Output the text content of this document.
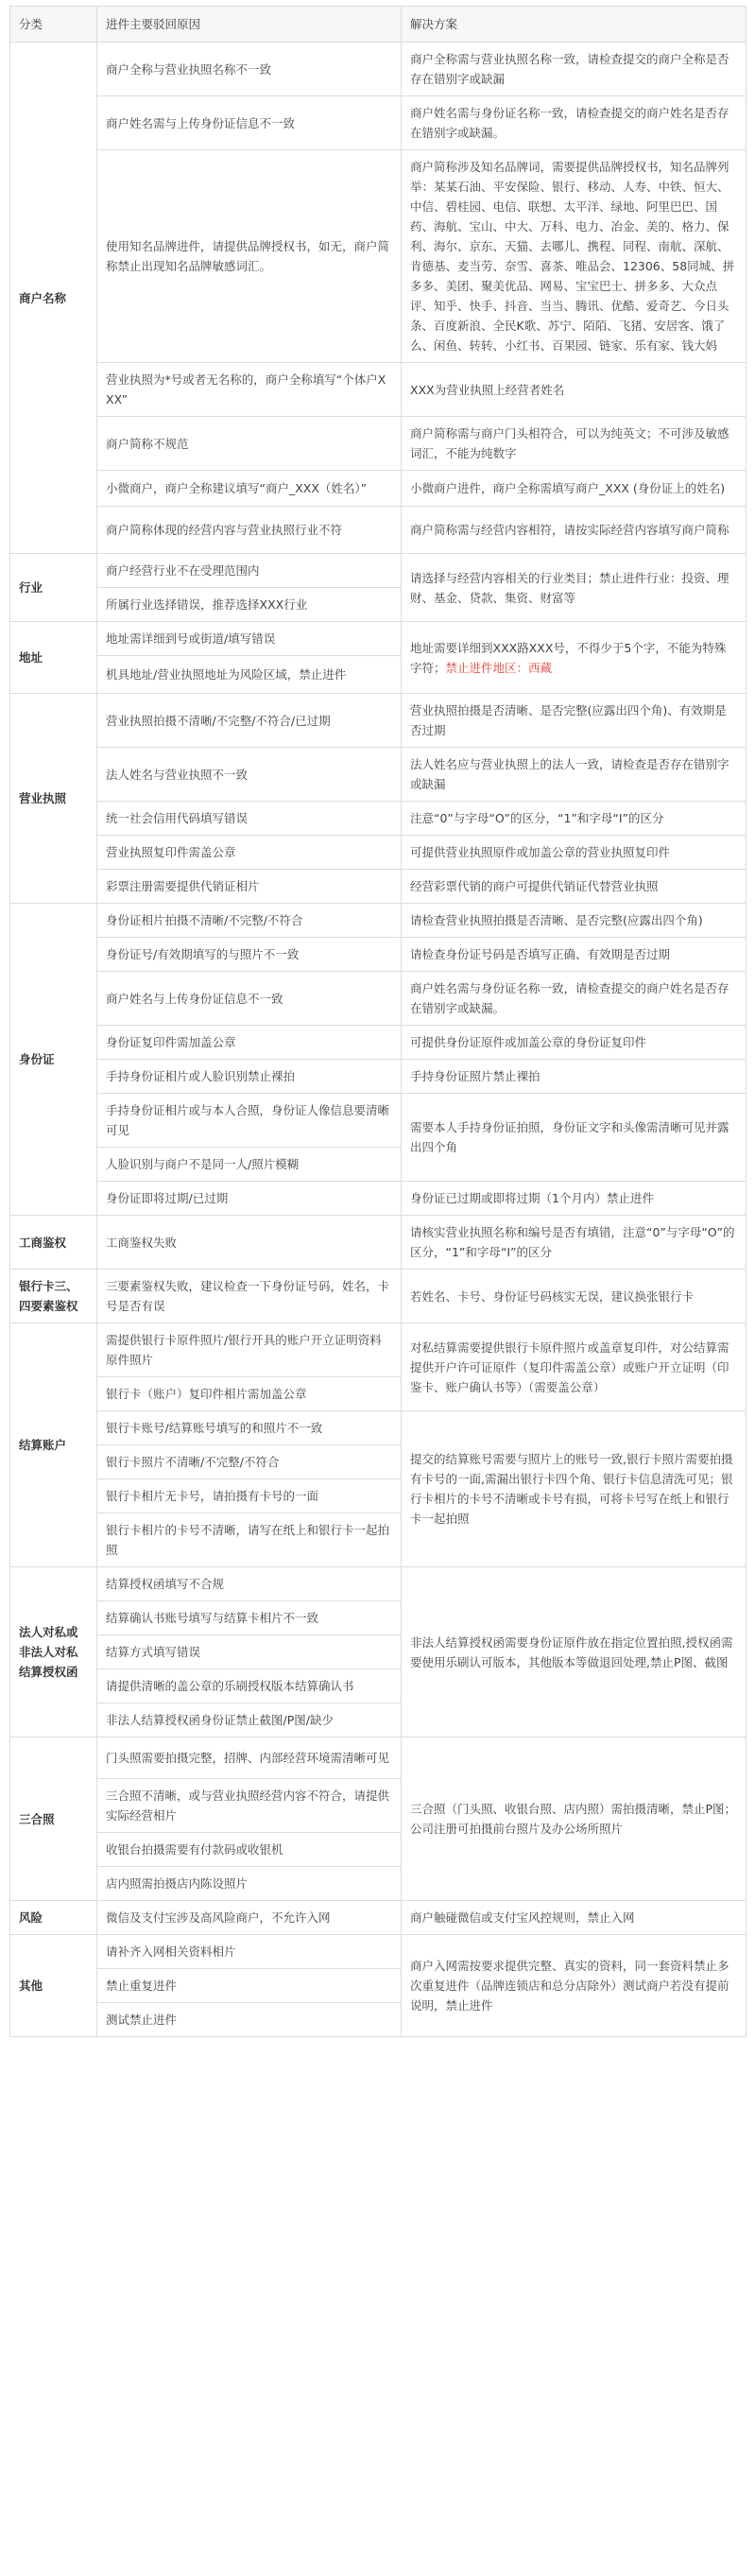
分类	进件主要驳回原因	解决方案
商户名称	商户全称与营业执照名称不一致	商户全称需与营业执照名称一致，请检查提交的商户全称是否存在错别字或缺漏
	商户姓名需与上传身份证信息不一致	商户姓名需与身份证名称一致，请检查提交的商户姓名是否存在错别字或缺漏。
	使用知名品牌进件，请提供品牌授权书，如无，商户简称禁止出现知名品牌敏感词汇。	商户简称涉及知名品牌词，需要提供品牌授权书，知名品牌列举：某某石油、平安保险、银行、移动、人寿、中铁、恒大、中信、碧桂园、电信、联想、太平洋、绿地、阿里巴巴、国药、海航、宝山、中大、万科、电力、冶金、美的、格力、保利、海尔、京东、天猫、去哪儿、携程、同程、南航、深航、肯德基、麦当劳、奈雪、喜茶、唯品会、12306、58同城、拼多多、美团、聚美优品、网易、宝宝巴士、拼多多、大众点评、知乎、快手、抖音、当当、腾讯、优酷、爱奇艺、今日头条、百度新浪、全民K歌、苏宁、陌陌、飞猪、安居客、饿了么、闲鱼、转转、小红书、百果园、链家、乐有家、钱大妈
	营业执照为*号或者无名称的，商户全称填写“个体户XXX”	XXX为营业执照上经营者姓名
	商户简称不规范	商户简称需与商户门头相符合，可以为纯英文；不可涉及敏感词汇，不能为纯数字
	小微商户，商户全称建议填写“商户_XXX（姓名）”	小微商户进件，商户全称需填写商户_XXX (身份证上的姓名)
	商户简称体现的经营内容与营业执照行业不符	商户简称需与经营内容相符，请按实际经营内容填写商户简称
行业	商户经营行业不在受理范围内	请选择与经营内容相关的行业类目；禁止进件行业：投资、理财、基金、贷款、集资、财富等
	所属行业选择错误，推荐选择XXX行业	
地址	地址需详细到号或街道/填写错误	地址需要详细到XXX路XXX号，不得少于5个字，不能为特殊字符；禁止进件地区：西藏
	机具地址/营业执照地址为风险区域，禁止进件	
营业执照	营业执照拍摄不清晰/不完整/不符合/已过期	营业执照拍摄是否清晰、是否完整(应露出四个角)、有效期是否过期
	法人姓名与营业执照不一致	法人姓名应与营业执照上的法人一致，请检查是否存在错别字或缺漏
	统一社会信用代码填写错误	注意“0”与字母“O”的区分，“1”和字母“I”的区分
	营业执照复印件需盖公章	可提供营业执照原件或加盖公章的营业执照复印件
	彩票注册需要提供代销证相片	经营彩票代销的商户可提供代销证代替营业执照
身份证	身份证相片拍摄不清晰/不完整/不符合	请检查营业执照拍摄是否清晰、是否完整(应露出四个角)
	身份证号/有效期填写的与照片不一致	请检查身份证号码是否填写正确、有效期是否过期
	商户姓名与上传身份证信息不一致	商户姓名需与身份证名称一致，请检查提交的商户姓名是否存在错别字或缺漏。
	身份证复印件需加盖公章	可提供身份证原件或加盖公章的身份证复印件
	手持身份证相片或人脸识别禁止裸拍	手持身份证照片禁止裸拍
	手持身份证相片或与本人合照，身份证人像信息要清晰可见	需要本人手持身份证拍照，身份证文字和头像需清晰可见并露出四个角
	人脸识别与商户不是同一人/照片模糊	
	身份证即将过期/已过期	身份证已过期或即将过期（1个月内）禁止进件
工商鉴权	工商鉴权失败	请核实营业执照名称和编号是否有填错，注意“0”与字母“O”的区分，“1”和字母“I”的区分
银行卡三、四要素鉴权	三要素鉴权失败，建议检查一下身份证号码，姓名，卡号是否有误	若姓名、卡号、身份证号码核实无误，建议换张银行卡
结算账户	需提供银行卡原件照片/银行开具的账户开立证明资料原件照片	对私结算需要提供银行卡原件照片或盖章复印件，对公结算需提供开户许可证原件（复印件需盖公章）或账户开立证明（印鉴卡、账户确认书等）（需要盖公章）
	银行卡（账户）复印件相片需加盖公章	
	银行卡账号/结算账号填写的和照片不一致	提交的结算账号需要与照片上的账号一致,银行卡照片需要拍摄有卡号的一面,需漏出银行卡四个角、银行卡信息清洗可见；银行卡相片的卡号不清晰或卡号有损，可将卡号写在纸上和银行卡一起拍照
	银行卡照片不清晰/不完整/不符合	
	银行卡相片无卡号，请拍摄有卡号的一面	
	银行卡相片的卡号不清晰，请写在纸上和银行卡一起拍照	
法人对私或非法人对私结算授权函	结算授权函填写不合规	非法人结算授权函需要身份证原件放在指定位置拍照,授权函需要使用乐刷认可版本，其他版本等做退回处理,禁止P图、截图
	结算确认书账号填写与结算卡相片不一致	
	结算方式填写错误	
	请提供清晰的盖公章的乐刷授权版本结算确认书	
	非法人结算授权函身份证禁止截图/P图/缺少	
三合照	门头照需要拍摄完整，招牌、内部经营环境需清晰可见	三合照（门头照、收银台照、店内照）需拍摄清晰，禁止P图；公司注册可拍摄前台照片及办公场所照片
	三合照不清晰，或与营业执照经营内容不符合，请提供实际经营相片	
	收银台拍摄需要有付款码或收银机	
	店内照需拍摄店内陈设照片	
风险	微信及支付宝涉及高风险商户，不允许入网	商户触碰微信或支付宝风控规则，禁止入网
其他	请补齐入网相关资料相片	商户入网需按要求提供完整、真实的资料，同一套资料禁止多次重复进件（品牌连锁店和总分店除外）测试商户若没有提前说明，禁止进件
	禁止重复进件	
	测试禁止进件	
